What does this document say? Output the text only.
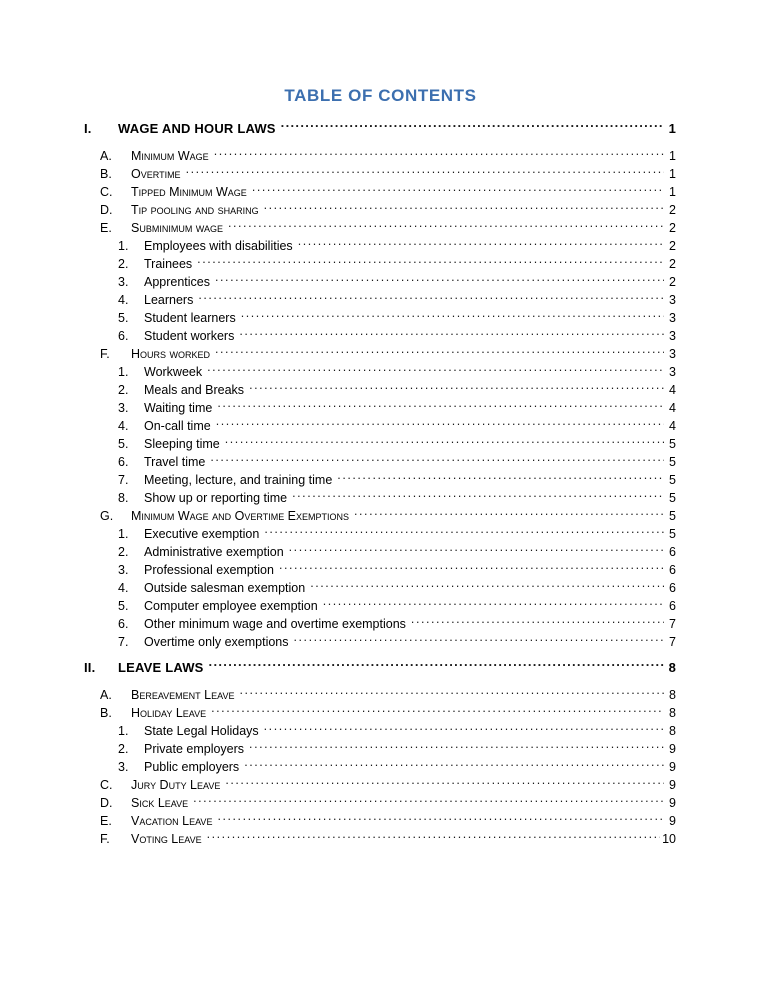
TABLE OF CONTENTS
I.	WAGE AND HOUR LAWS .....	1
A.	Minimum Wage .....	1
B.	Overtime .....	1
C.	Tipped Minimum Wage .....	1
D.	Tip pooling and sharing .....	2
E.	Subminimum wage .....	2
1.	Employees with disabilities .....	2
2.	Trainees .....	2
3.	Apprentices .....	2
4.	Learners .....	3
5.	Student learners .....	3
6.	Student workers .....	3
F.	Hours worked .....	3
1.	Workweek .....	3
2.	Meals and Breaks .....	4
3.	Waiting time .....	4
4.	On-call time .....	4
5.	Sleeping time .....	5
6.	Travel time .....	5
7.	Meeting, lecture, and training time .....	5
8.	Show up or reporting time .....	5
G.	Minimum Wage and Overtime Exemptions .....	5
1.	Executive exemption .....	5
2.	Administrative exemption .....	6
3.	Professional exemption .....	6
4.	Outside salesman exemption .....	6
5.	Computer employee exemption .....	6
6.	Other minimum wage and overtime exemptions .....	7
7.	Overtime only exemptions .....	7
II.	LEAVE LAWS .....	8
A.	Bereavement Leave .....	8
B.	Holiday Leave .....	8
1.	State Legal Holidays .....	8
2.	Private employers .....	9
3.	Public employers .....	9
C.	Jury Duty Leave .....	9
D.	Sick Leave .....	9
E.	Vacation Leave .....	9
F.	Voting Leave .....	10
